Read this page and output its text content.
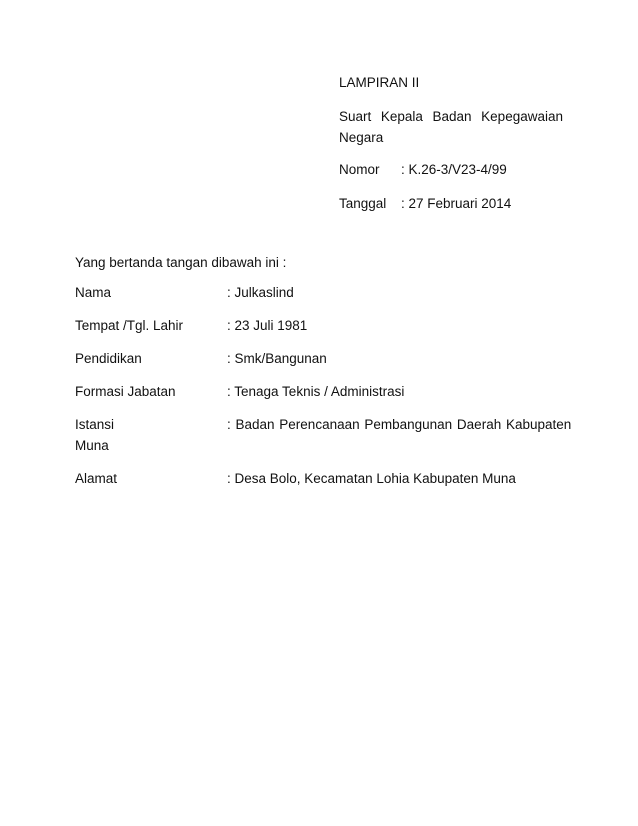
LAMPIRAN II
Suart Kepala Badan Kepegawaian
Negara
Nomor	: K.26-3/V23-4/99
Tanggal	: 27 Februari 2014
Yang bertanda tangan dibawah ini :
Nama	: Julkaslind
Tempat /Tgl. Lahir	: 23 Juli 1981
Pendidikan	: Smk/Bangunan
Formasi Jabatan	: Tenaga Teknis / Administrasi
Istansi	: Badan Perencanaan Pembangunan Daerah Kabupaten
Muna
Alamat	: Desa Bolo, Kecamatan Lohia Kabupaten Muna
